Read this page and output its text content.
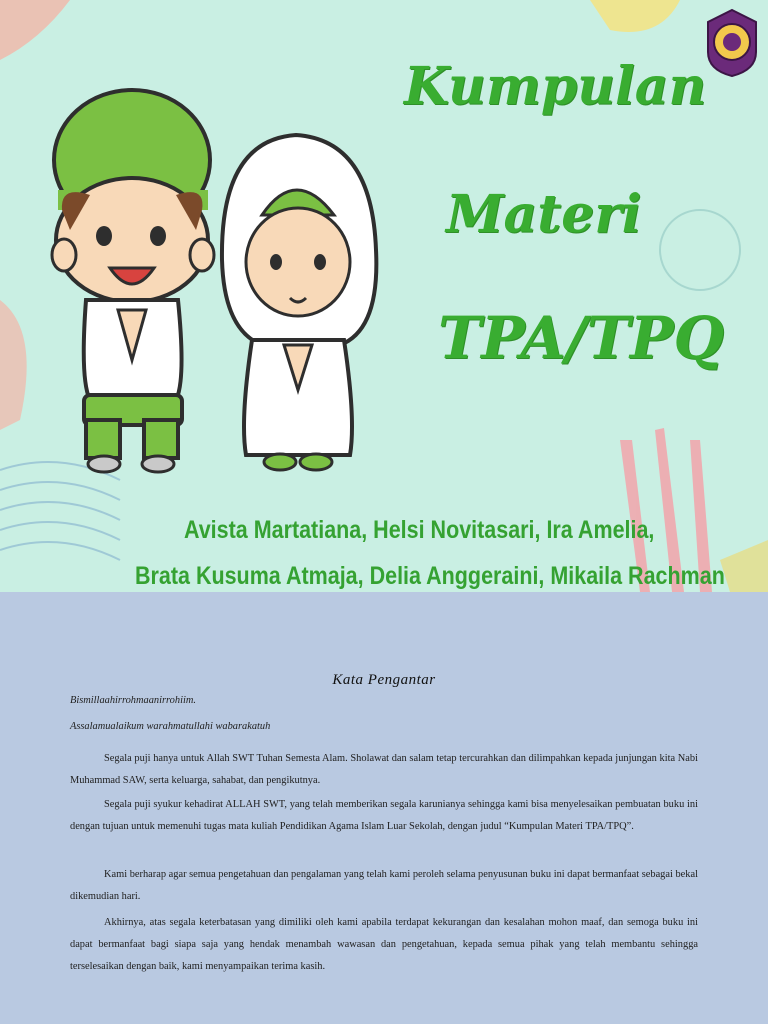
Kumpulan
Materi
TPA/TPQ
Avista Martatiana, Helsi Novitasari, Ira Amelia,
Brata Kusuma Atmaja, Delia Anggeraini, Mikaila Rachman
Kata Pengantar
Bismillaahirrohmaanirrohiim.
Assalamualaikum warahmatullahi wabarakatuh
Segala puji hanya untuk Allah SWT Tuhan Semesta Alam. Sholawat dan salam tetap tercurahkan dan dilimpahkan kepada junjungan kita Nabi Muhammad SAW, serta keluarga, sahabat, dan pengikutnya.
Segala puji syukur kehadirat ALLAH SWT, yang telah memberikan segala karunianya sehingga kami bisa menyelesaikan pembuatan buku ini dengan tujuan untuk memenuhi tugas mata kuliah Pendidikan Agama Islam Luar Sekolah, dengan judul “Kumpulan Materi TPA/TPQ”.
Kami berharap agar semua pengetahuan dan pengalaman yang telah kami peroleh selama penyusunan buku ini dapat bermanfaat sebagai bekal dikemudian hari.
Akhirnya, atas segala keterbatasan yang dimiliki oleh kami apabila terdapat kekurangan dan kesalahan mohon maaf, dan semoga buku ini dapat bermanfaat bagi siapa saja yang hendak menambah wawasan dan pengetahuan, kepada semua pihak yang telah membantu sehingga terselesaikan dengan baik, kami menyampaikan terima kasih.
